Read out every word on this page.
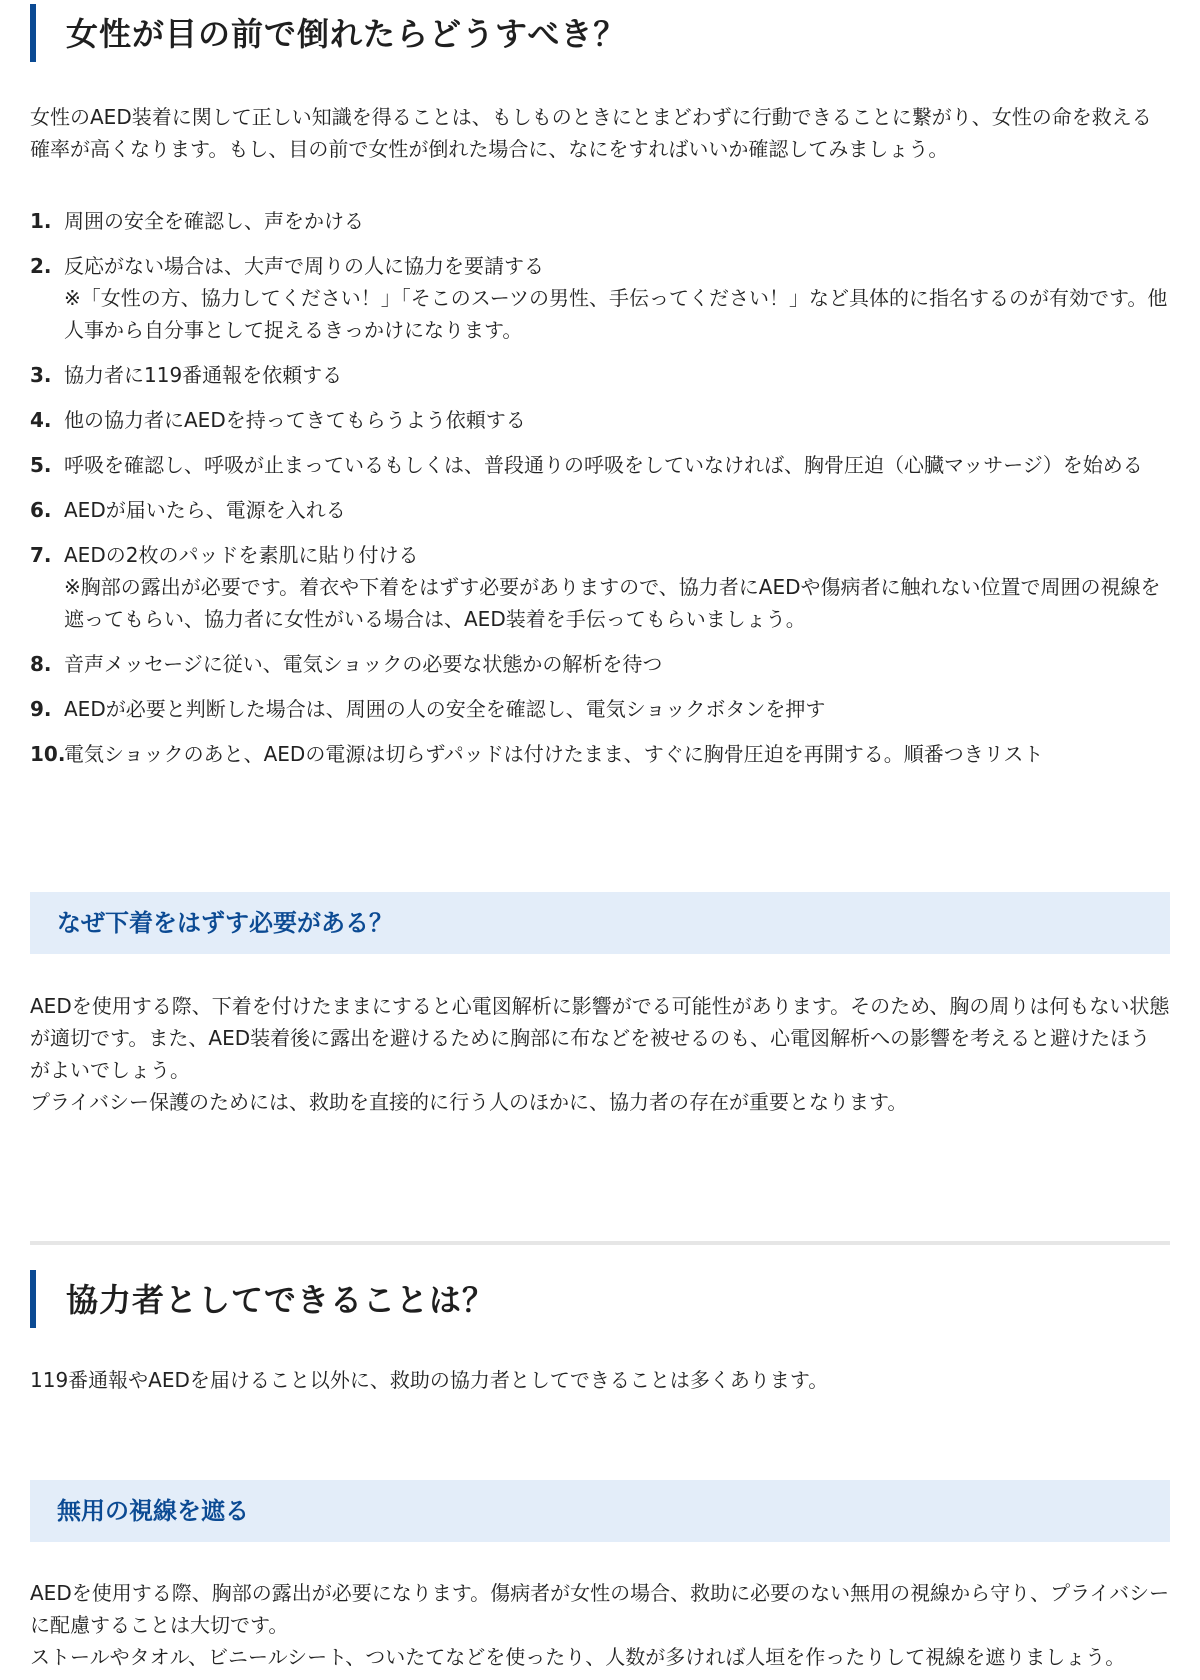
女性が目の前で倒れたらどうすべき？

女性のAED装着に関して正しい知識を得ることは、もしものときにとまどわずに行動できることに繋がり、女性の命を救える確率が高くなります。もし、目の前で女性が倒れた場合に、なにをすればいいか確認してみましょう。

1. 周囲の安全を確認し、声をかける
2. 反応がない場合は、大声で周りの人に協力を要請する
※「女性の方、協力してください！」「そこのスーツの男性、手伝ってください！」など具体的に指名するのが有効です。他人事から自分事として捉えるきっかけになります。
3. 協力者に119番通報を依頼する
4. 他の協力者にAEDを持ってきてもらうよう依頼する
5. 呼吸を確認し、呼吸が止まっているもしくは、普段通りの呼吸をしていなければ、胸骨圧迫（心臓マッサージ）を始める
6. AEDが届いたら、電源を入れる
7. AEDの2枚のパッドを素肌に貼り付ける
※胸部の露出が必要です。着衣や下着をはずす必要がありますので、協力者にAEDや傷病者に触れない位置で周囲の視線を遮ってもらい、協力者に女性がいる場合は、AED装着を手伝ってもらいましょう。
8. 音声メッセージに従い、電気ショックの必要な状態かの解析を待つ
9. AEDが必要と判断した場合は、周囲の人の安全を確認し、電気ショックボタンを押す
10.
電気ショックのあと、AEDの電源は切らずパッドは付けたまま、すぐに胸骨圧迫を再開する。順番つきリスト
なぜ下着をはずす必要がある？

AEDを使用する際、下着を付けたままにすると心電図解析に影響がでる可能性があります。そのため、胸の周りは何もない状態が適切です。また、AED装着後に露出を避けるために胸部に布などを被せるのも、心電図解析への影響を考えると避けたほうがよいでしょう。

プライバシー保護のためには、救助を直接的に行う人のほかに、協力者の存在が重要となります。

協力者としてできることは？

119番通報やAEDを届けること以外に、救助の協力者としてできることは多くあります。

無用の視線を遮る

AEDを使用する際、胸部の露出が必要になります。傷病者が女性の場合、救助に必要のない無用の視線から守り、プライバシーに配慮することは大切です。

ストールやタオル、ビニールシート、ついたてなどを使ったり、人数が多ければ人垣を作ったりして視線を遮りましょう。
